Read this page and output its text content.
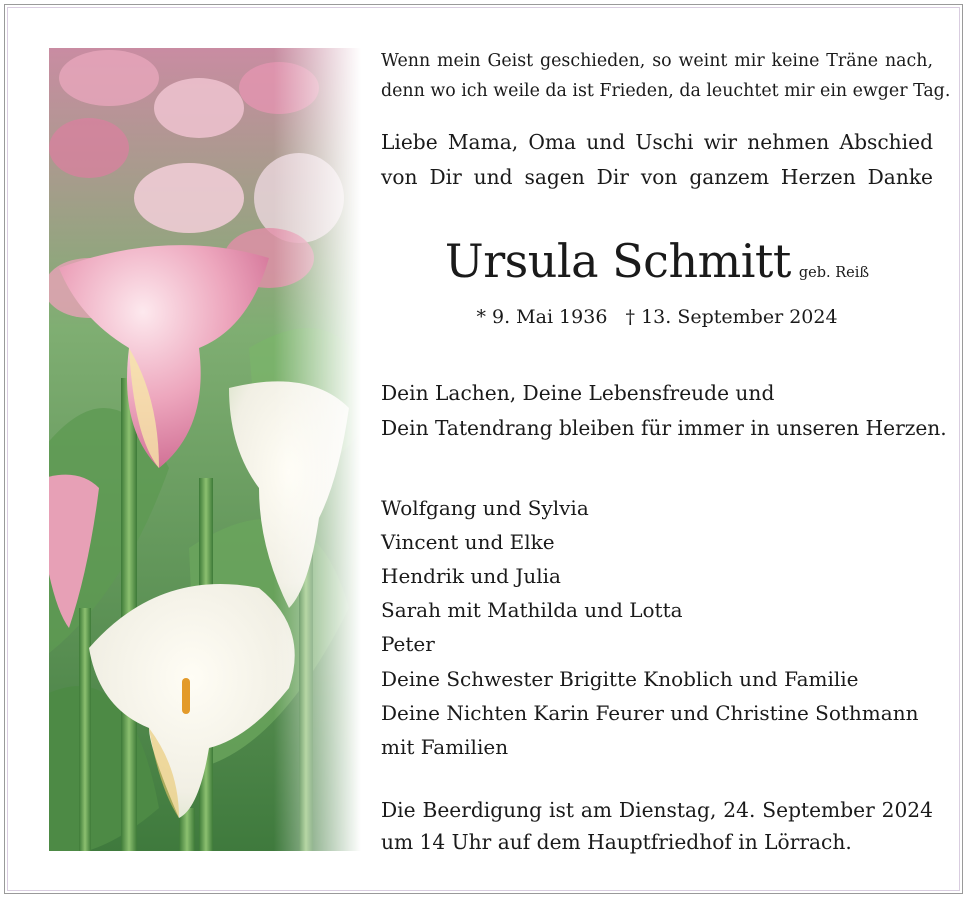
Wenn mein Geist geschieden, so weint mir keine Träne nach,
denn wo ich weile da ist Frieden, da leuchtet mir ein ewger Tag.
Liebe Mama, Oma und Uschi wir nehmen Abschied
von Dir und sagen Dir von ganzem Herzen Danke
Ursula Schmitt geb. Reiß
* 9. Mai 1936 † 13. September 2024
Dein Lachen, Deine Lebensfreude und
Dein Tatendrang bleiben für immer in unseren Herzen.
Wolfgang und Sylvia
Vincent und Elke
Hendrik und Julia
Sarah mit Mathilda und Lotta
Peter
Deine Schwester Brigitte Knoblich und Familie
Deine Nichten Karin Feurer und Christine Sothmann
mit Familien
Die Beerdigung ist am Dienstag, 24. September 2024
um 14 Uhr auf dem Hauptfriedhof in Lörrach.
